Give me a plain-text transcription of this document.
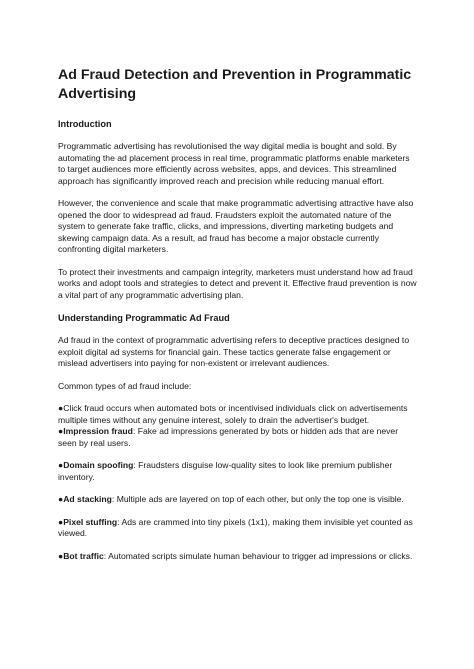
Ad Fraud Detection and Prevention in Programmatic Advertising
Introduction

Programmatic advertising has revolutionised the way digital media is bought and sold. By automating the ad placement process in real time, programmatic platforms enable marketers to target audiences more efficiently across websites, apps, and devices. This streamlined approach has significantly improved reach and precision while reducing manual effort.

However, the convenience and scale that make programmatic advertising attractive have also opened the door to widespread ad fraud. Fraudsters exploit the automated nature of the system to generate fake traffic, clicks, and impressions, diverting marketing budgets and skewing campaign data. As a result, ad fraud has become a major obstacle currently confronting digital marketers.

To protect their investments and campaign integrity, marketers must understand how ad fraud works and adopt tools and strategies to detect and prevent it. Effective fraud prevention is now a vital part of any programmatic advertising plan.

Understanding Programmatic Ad Fraud

Ad fraud in the context of programmatic advertising refers to deceptive practices designed to exploit digital ad systems for financial gain. These tactics generate false engagement or mislead advertisers into paying for non-existent or irrelevant audiences.

Common types of ad fraud include:

●Click fraud occurs when automated bots or incentivised individuals click on advertisements multiple times without any genuine interest, solely to drain the advertiser's budget.

●Impression fraud: Fake ad impressions generated by bots or hidden ads that are never seen by real users.

●Domain spoofing: Fraudsters disguise low-quality sites to look like premium publisher inventory.

●Ad stacking: Multiple ads are layered on top of each other, but only the top one is visible.

●Pixel stuffing: Ads are crammed into tiny pixels (1x1), making them invisible yet counted as viewed.

●Bot traffic: Automated scripts simulate human behaviour to trigger ad impressions or clicks.
